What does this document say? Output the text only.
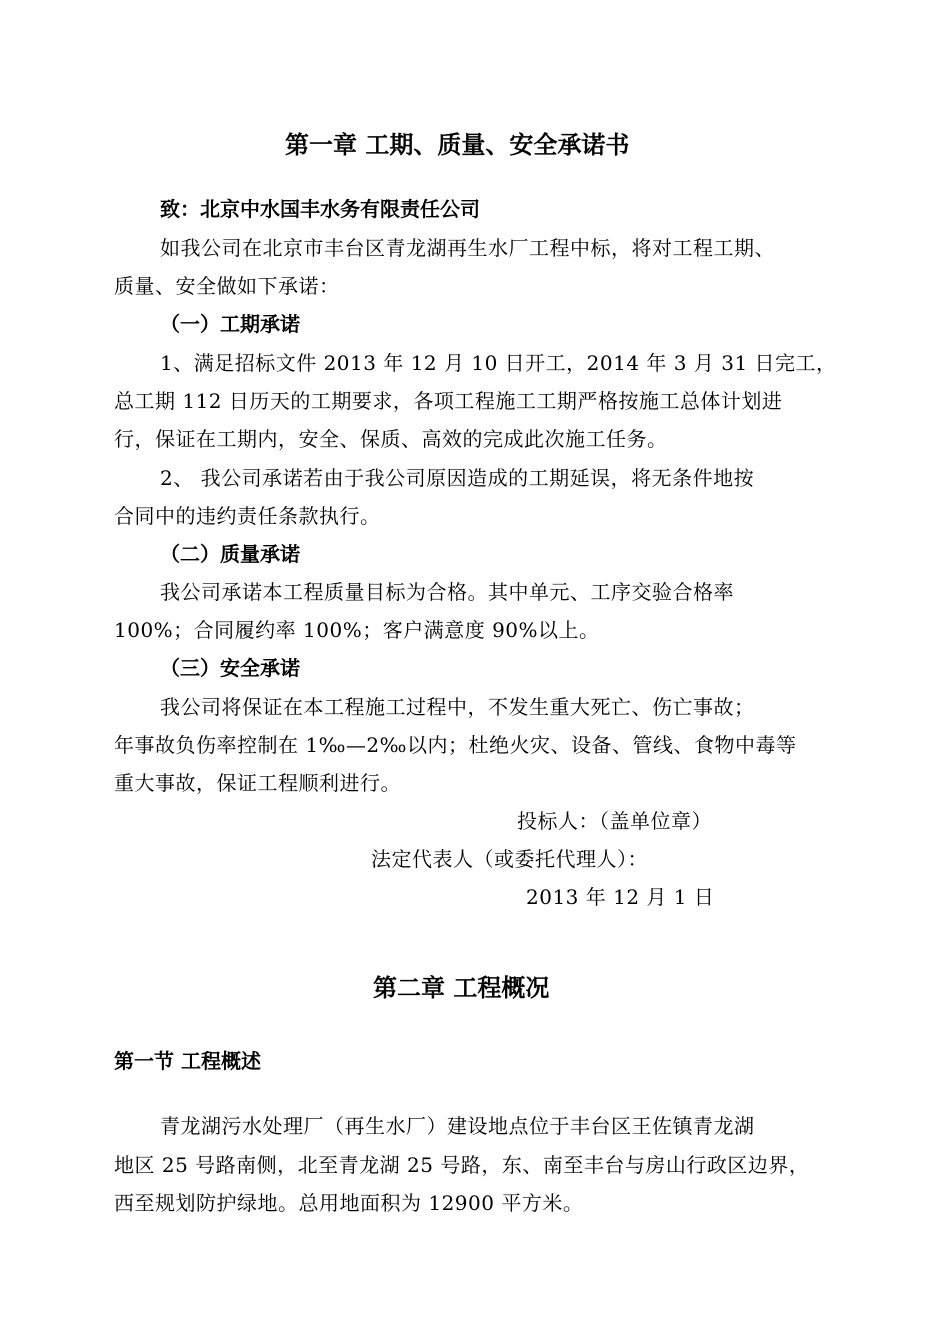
第一章 工期、质量、安全承诺书
致：北京中水国丰水务有限责任公司
如我公司在北京市丰台区青龙湖再生水厂工程中标，将对工程工期、
质量、安全做如下承诺：
（一）工期承诺
1、满足招标文件 2013 年 12 月 10 日开工，2014 年 3 月 31 日完工，
总工期 112 日历天的工期要求，各项工程施工工期严格按施工总体计划进
行，保证在工期内，安全、保质、高效的完成此次施工任务。
2、 我公司承诺若由于我公司原因造成的工期延误，将无条件地按
合同中的违约责任条款执行。
（二）质量承诺
我公司承诺本工程质量目标为合格。其中单元、工序交验合格率
100%；合同履约率 100%；客户满意度 90%以上。
（三）安全承诺
我公司将保证在本工程施工过程中，不发生重大死亡、伤亡事故；
年事故负伤率控制在 1‰—2‰以内；杜绝火灾、设备、管线、食物中毒等
重大事故，保证工程顺利进行。
投标人：（盖单位章）
法定代表人（或委托代理人）：
2013 年 12 月 1 日
第二章 工程概况
第一节 工程概述
青龙湖污水处理厂（再生水厂）建设地点位于丰台区王佐镇青龙湖
地区 25 号路南侧，北至青龙湖 25 号路，东、南至丰台与房山行政区边界，
西至规划防护绿地。总用地面积为 12900 平方米。
